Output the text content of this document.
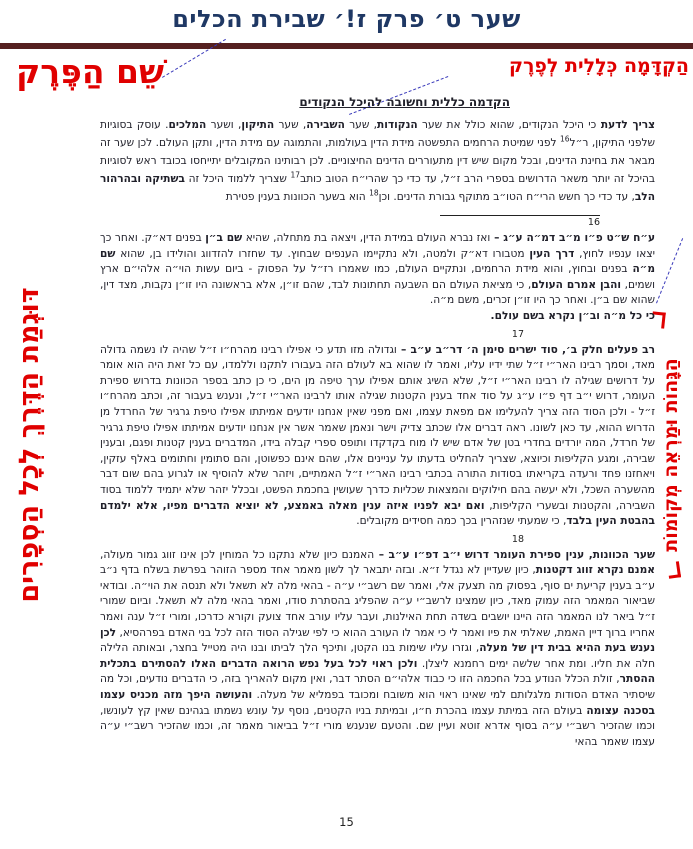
שער ט׳ פרק ז!׳ שבירת הכלים
הַקְדָּמָה כְּלָלִית לְפֶרֶק
שֵׁם הַפֶּרֶק
הַגָּהוֹת וּמַרְאֵה מְקוֹמוֹת
דּוּגְמַת הַדֶּרֶךְ לְכָל הַסְפָרִים
הקדמה כללית וחשובה להיכל הנקודים

צריך לדעת כי היכל הנקודים, שהוא כולל את שער הנקודות, שער השבירה, שער התיקון, ושער המלכים. עוסק בסוגיות שלפני התיקון, ר״ל$^{16}$ לפני שמיטת הרחמים התפשטה מידת הדין בעולמות, והתמוגה עם מידת הדין, ותקן העולם. לכן שער זה מבאר את בחינת הדינים, ובכל מקום שיש דין מתעוררים הדינים החיצוניים. לכן רבותינו המקובלים יתייחסו בכובד ראש לסוגיות בהיכל זה יותר משאר הדרושים בספרי הרב ז״ל, עד כדי כך שהרי״ח הטוב כותב$^{17}$ שצריך ללמוד היכל זה בשתיקה ובהרהור הלב, עד כדי כך חשש הרי״ח הטו״ב מתוקף גבורת הדינים. וכן$^{18}$ הוא בשער הכוונות בענין פטירת

16

ע״ח ש״ט פ״ו מ״ב דמ״ה ע״ג – ואז נברא העולם במידת הדין, ויצאה בת מתחלה, שהיא שם ב״ן בפנים דא״ק. ואחר כך יצאו ענפיו לחוץ, דרך העין מטבורו דא״ק ולמטה, ולא נתקיימו הענפים שבחוץ. עד שחזרו להזדווג והולידו בן, שהוא שם מ״ה בפנים ובחוץ, והוא מידת הרחמים, ונתקיים העולם, כמו שאמרו רז״ל על הפסוק - ביום עשות הוי״ה אלהי״ם ארץ ושמים, והבן אמרם העולם, כי מציאת העולם הם השבעה תחתונות לבד, שהם זו״ן, אלא בראשונה היו זו״ן נקבות, מצד דין, שהוא שם ב״ן. ואחר כך היו זו״ן זכרים, משם מ״ה.
כי כל מ״ה וב״ן נקרא בשם עולם.

17

רב פעלים חלק ב׳, סוד ישרים סימן ה׳ דר״ב ע״ב – וגדולה מזו תדע כי אפילו רבינו מהרח״ו ז״ל שהיה לו נשמה גדולה מאד, וסמך רבינו האר״י ז״ל שתי ידיו עליו, ואמר לו שהוא בא לעולם הזה בעבורו לתקנו וללמדו, עם כל זאת היה הוא אומר על דרושים שגילה לו רבינו האר״י ז״ל, שלא השיג אותם אפילו ערך טיפה מן הים, כי כן כתב בספר הכוונות בדרוש ספירת העומר, דרוש י״ב דף פ״ו ע״ג על סוד אחד בענין הקטנות שגילה אותו לרבינו האר״י ז״ל, ונענש בעבור זה, וכתב מהרח״ו ז״ל - ולכן הסוד הזה צריך להעלימו אם מפאת עצמו, ואם מפני שאין אנחנו יודעים אמיתתו אפילו טיפת גרגיר של החרדל מן הדרוש ההוא, עד כאן לשונו. ראה דברים אלו שכתב צדיק וישר ונאמן שאמר אשר אין אנחנו יודעים אמיתתו אפילו טיפת גרגיר של חרדל, המה יורדים בחדרי בטן של אדם שיש לו מוח בקדקדו ותופס ספרי קבלה בידו, המדברים בענין קטנות ופגם, ובענין שבירה, ומגע הקליפות וכיוצא, שצריך להחליט בדעתו על עניינים אלו, שהם אינם כפשוטן, והם סתומין וחתומים באלף עזקין, ויאחזנו פחד ורעדה בקריאתו בסודות התורה בכתבי רבינו האר״י ז״ל האמתיים, ויזהר שלא להוסיף או לגרוע בהם שום דבר מהשערה השכל, ולא יעשה בהם חילוקים והמצאות שכליות כדרך שעושין בחכמת הפשט, ובכלל יזהר שלא יתמיד ללמוד בסוד השבירה, והקטנות ובשערי הקליפות, ואם יבא לפניו איזה ענין מאלה באמצע, לא יוציא הדברים מפיו, אלא ילמדם בהבטת העין בלבד, כי שמעתי שנזהרין בכך כמה חסידים מקובלים.

18

שער הכוונות, ענין ספירת העומר דרוש י״ב דפ״ו ע״ב – האמנם כיון שלא נתקנו כל המוחין לכן אינו זווג גמור מעולה, אמנם נקרא זווג דקטנות, כיון שעדיין לא נגדל ז״א. ובזה יתבאר לך לשון מאמר אחד מספר הזוהר בפרשת בשלח בדף נ״ב ע״ב בענין קריעת ים סוף, בפסוק מה תצעק אלי, ואמר שם רשב״י ע״ה - בהאי מלה לא תשאל ולא תנסה את הוי״ה. ובודאי שביאור המאמר הזה עמוק מאד, כיון שמצינו לרשב״י ע״ה שהפליג בהסתרת סודו, ואמר בהאי מלה לא תשאל. וביום שמורי ז״ל ביאר לנו המאמר הזה היינו יושבים בשדה תחת האילנות, ועבר עליו עורב אחד צועק וקורא כדרכו, ומורי ז״ל ענה ואמר אחריו ברוך דיין האמת, שאלתי את פיו ואמר לי כי אמר לו העורב ההוא כי לפי שגילה הסוד הזה לכל בני האדם בפרהסיא, לכן נענש בעת ההיא בבית דין של מעלה, וגזרו עליו שימות בנו הקטן, ותיכף הלך לביתו ובנו היה מטייל בחצר, ובאותה הלילה חלה את חליו. ומת אחר שלשה ימים רחמנא ליצלן. ולכן ראוי לכל בעל נפש הרואה הדברים האלו להסתירם בתכלית ההסתר, זולת הכלל הנודע בכל החכמה הזו כי כבוד אלהי״ם הסתר דבר, ואין מקום להאריך בזה, כי הדברים נודעים, וכל מה שיסתיר האדם הסודות מלגלותם למי שאינו ראוי הוא משובח ומכובד בפמליא של מעלה. והעושה היפך מזה מכניס עצמו בסכנה עצומה בעולם הזה במיתת עצמו בהכרת ח״ו, ובמיתת בניו הקטנים, נוסף על עונש נשמתו בגהינם שאין קץ לעונשו, וכמו שהזכיר רשב״י ע״ה בסוף אדרא זוטא ועיין שם. והטעם שנענש מורי ז״ל בביאור מאמר זה, וכמו שהזכיר רשב״י ע״ה עצמו שאמר בהאי

15
